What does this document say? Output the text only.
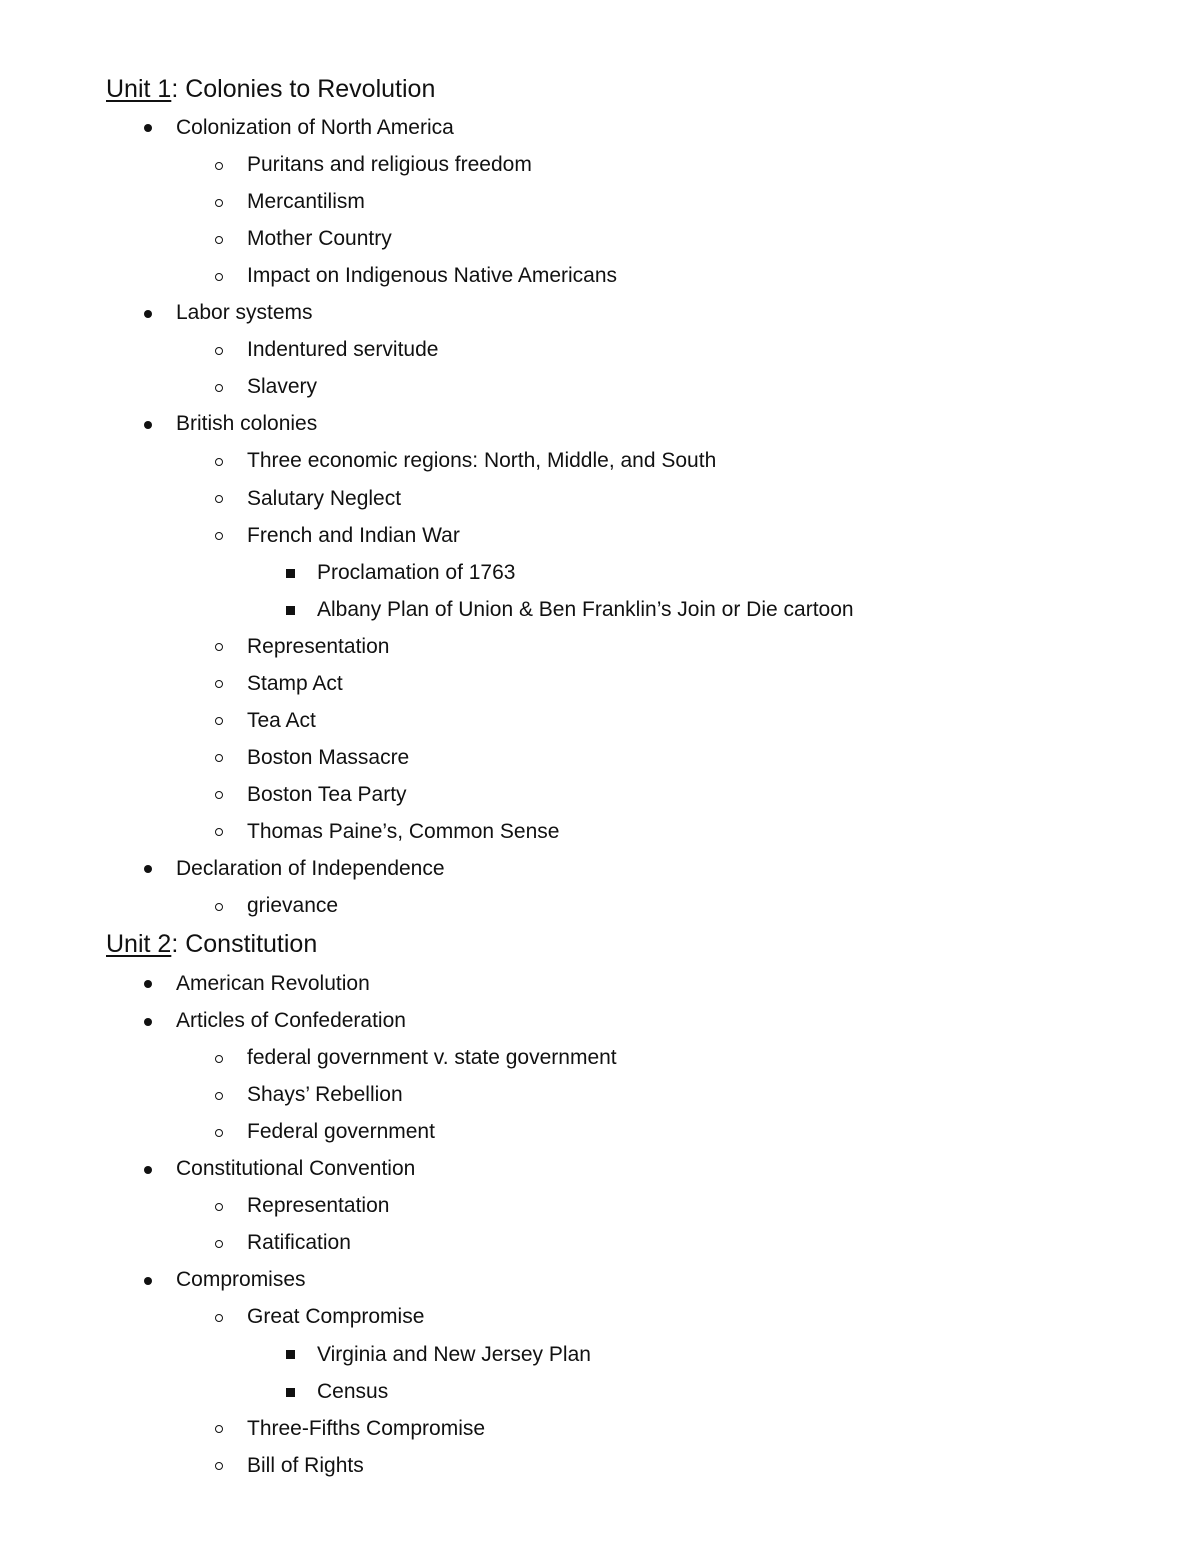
Unit 1: Colonies to Revolution
Colonization of North America
Puritans and religious freedom
Mercantilism
Mother Country
Impact on Indigenous Native Americans
Labor systems
Indentured servitude
Slavery
British colonies
Three economic regions: North, Middle, and South
Salutary Neglect
French and Indian War
Proclamation of 1763
Albany Plan of Union & Ben Franklin’s Join or Die cartoon
Representation
Stamp Act
Tea Act
Boston Massacre
Boston Tea Party
Thomas Paine’s, Common Sense
Declaration of Independence
grievance
Unit 2: Constitution
American Revolution
Articles of Confederation
federal government v. state government
Shays’ Rebellion
Federal government
Constitutional Convention
Representation
Ratification
Compromises
Great Compromise
Virginia and New Jersey Plan
Census
Three-Fifths Compromise
Bill of Rights
